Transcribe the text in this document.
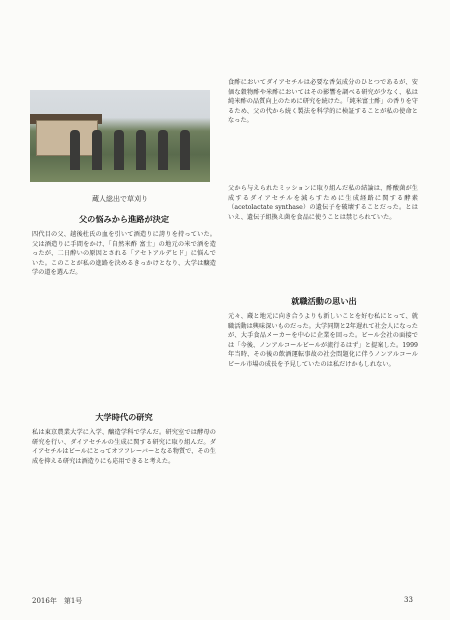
蔵人総出で草刈り
父の悩みから進路が決定
四代目の父、越後杜氏の血を引いて酒造りに誇りを持っていた。父は酒造りに手間をかけ、「自然米酢 富士」の地元の米で酒を造ったが、二日酔いの原因とされる「アセトアルデヒド」に悩んでいた。このことが私の進路を決めるきっかけとなり、大学は醸造学の道を選んだ。
大学時代の研究
私は東京農業大学に入学、醸造学科で学んだ。研究室では酵母の研究を行い、ダイアセチルの生成に関する研究に取り組んだ。ダイアセチルはビールにとってオフフレーバーとなる物質で、その生成を抑える研究は酒造りにも応用できると考えた。
食酢においてダイアセチルは必要な香気成分のひとつであるが、安価な穀物酢や米酢においてはその影響を調べる研究が少なく、私は純米酢の品質向上のために研究を続けた。「純米富士酢」の香りを守るため、父の代から続く製法を科学的に検証することが私の使命となった。
父から与えられたミッションに取り組んだ私の結論は、酢酸菌が生成するダイアセチルを減らすために生成経路に関する酵素（acetolactate synthase）の遺伝子を破壊することだった。とはいえ、遺伝子組換え菌を食品に使うことは禁じられていた。
就職活動の思い出
元々、蔵と地元に向き合うよりも新しいことを好む私にとって、就職活動は興味深いものだった。大学同期と2年遅れて社会人になったが、大手食品メーカーを中心に企業を回った。ビール会社の面接では「今後、ノンアルコールビールが流行るはず」と提案した。1999年当時、その後の飲酒運転事故の社会問題化に伴うノンアルコールビール市場の成長を予見していたのは私だけかもしれない。
2016年　第1号	33
